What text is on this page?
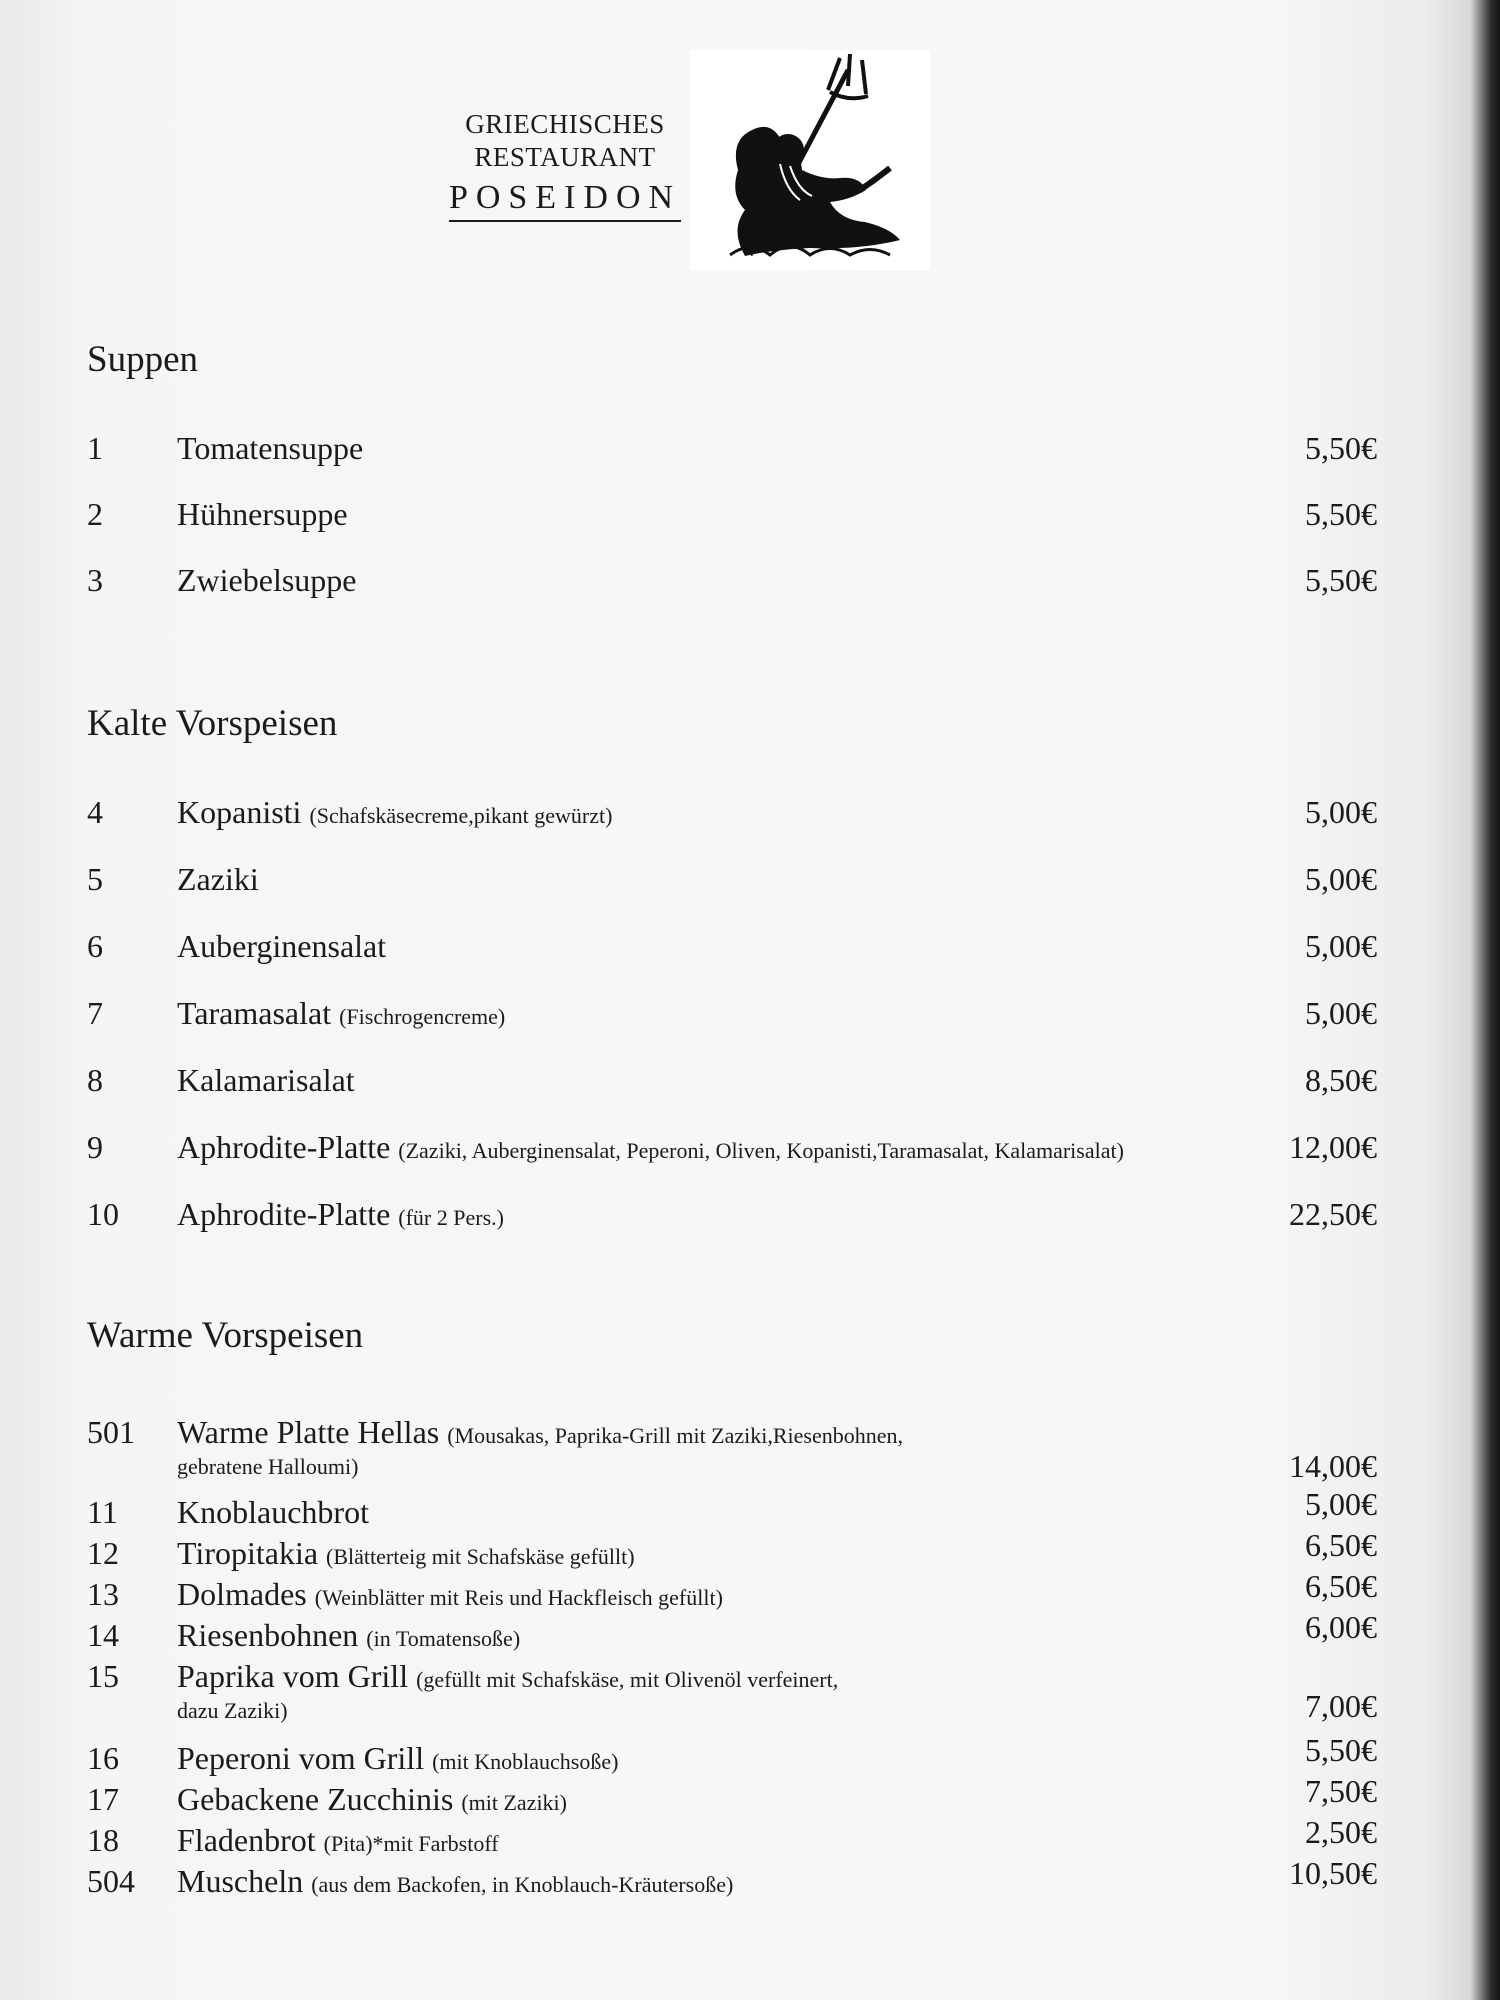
GRIECHISCHES
RESTAURANT
POSEIDON
Suppen
1 Tomatensuppe	5,50€
2 Hühnersuppe	5,50€
3 Zwiebelsuppe	5,50€
Kalte Vorspeisen
4 Kopanisti (Schafskäsecreme,pikant gewürzt)	5,00€
5 Zaziki	5,00€
6 Auberginensalat	5,00€
7 Taramasalat (Fischrogencreme)	5,00€
8 Kalamarisalat	8,50€
9 Aphrodite-Platte (Zaziki, Auberginensalat, Peperoni, Oliven, Kopanisti,Taramasalat, Kalamarisalat)	12,00€
10 Aphrodite-Platte (für 2 Pers.)	22,50€
Warme Vorspeisen
501 Warme Platte Hellas (Mousakas, Paprika-Grill mit Zaziki,Riesenbohnen,
gebratene Halloumi)	14,00€
11 Knoblauchbrot	5,00€
12 Tiropitakia (Blätterteig mit Schafskäse gefüllt)	6,50€
13 Dolmades (Weinblätter mit Reis und Hackfleisch gefüllt)	6,50€
14 Riesenbohnen (in Tomatensoße)	6,00€
15 Paprika vom Grill (gefüllt mit Schafskäse, mit Olivenöl verfeinert,
dazu Zaziki)	7,00€
16 Peperoni vom Grill (mit Knoblauchsoße)	5,50€
17 Gebackene Zucchinis (mit Zaziki)	7,50€
18 Fladenbrot (Pita)*mit Farbstoff	2,50€
504 Muscheln (aus dem Backofen, in Knoblauch-Kräutersoße)	10,50€
